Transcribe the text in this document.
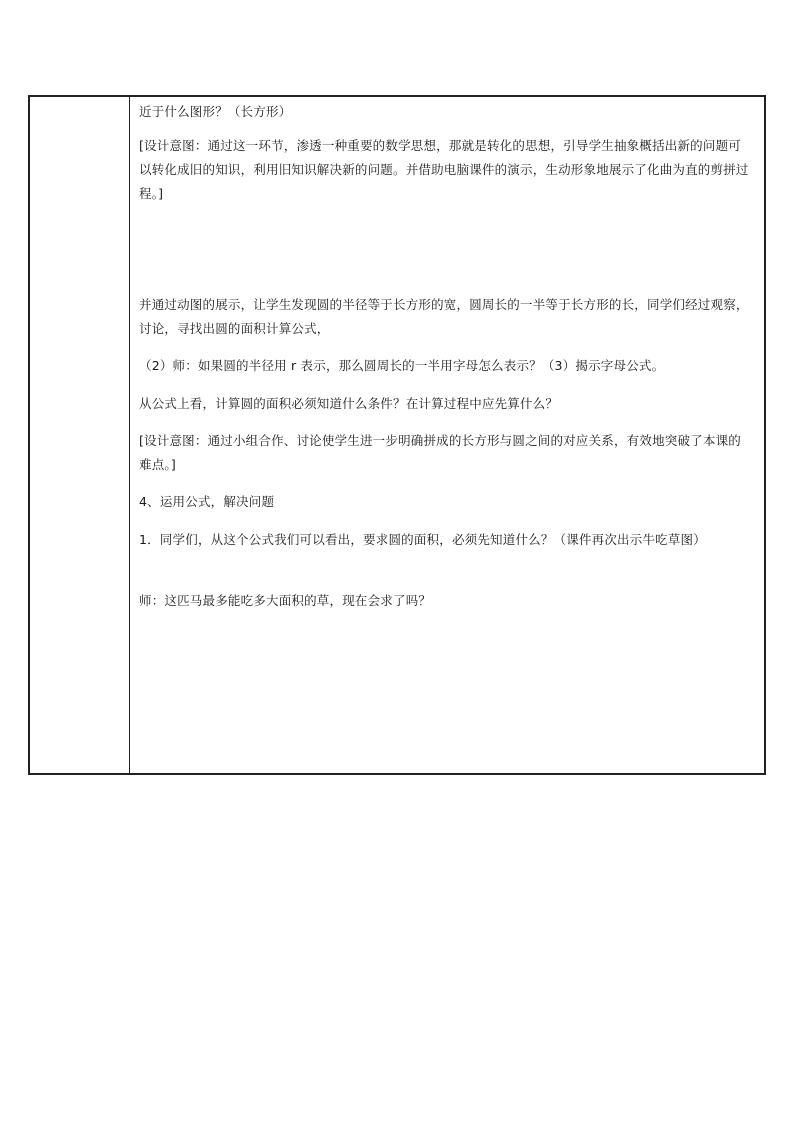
近于什么图形？（长方形）

[设计意图：通过这一环节，渗透一种重要的数学思想，那就是转化的思想，引导学生抽象概括出新的问题可以转化成旧的知识，利用旧知识解决新的问题。并借助电脑课件的演示，生动形象地展示了化曲为直的剪拼过程。]

并通过动图的展示，让学生发现圆的半径等于长方形的宽，圆周长的一半等于长方形的长，同学们经过观察，讨论，寻找出圆的面积计算公式，

（2）师：如果圆的半径用 r 表示，那么圆周长的一半用字母怎么表示？（3）揭示字母公式。

从公式上看，计算圆的面积必须知道什么条件？在计算过程中应先算什么？

[设计意图：通过小组合作、讨论使学生进一步明确拼成的长方形与圆之间的对应关系，有效地突破了本课的难点。]

4、运用公式，解决问题

1．同学们，从这个公式我们可以看出，要求圆的面积，必须先知道什么？（课件再次出示牛吃草图）

师：这匹马最多能吃多大面积的草，现在会求了吗？
